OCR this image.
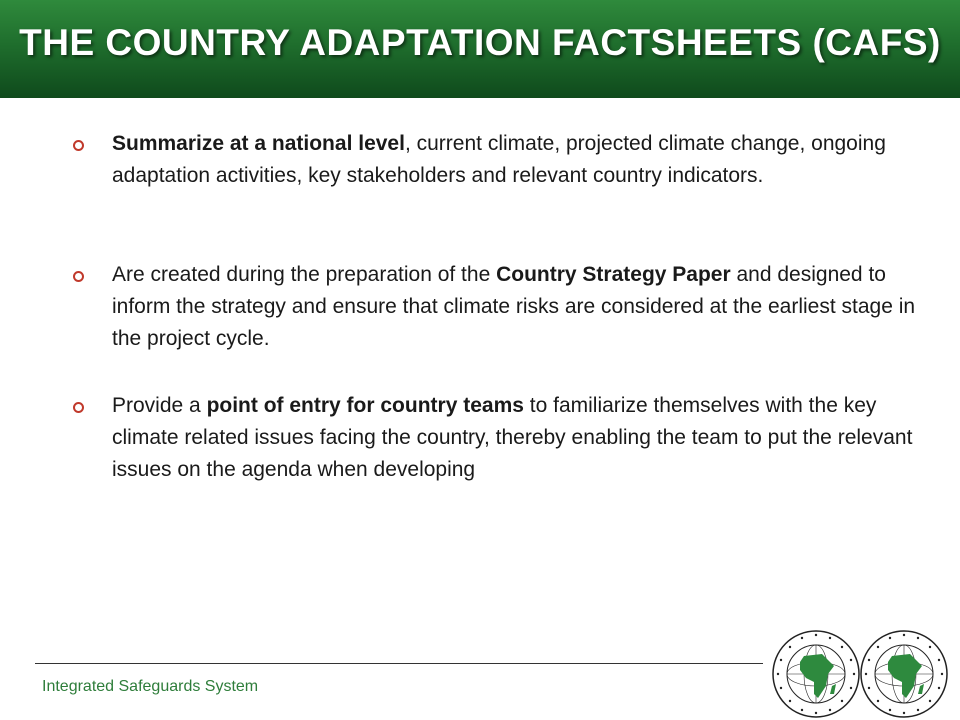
THE COUNTRY ADAPTATION FACTSHEETS (CAFS)
Summarize at a national level, current climate, projected climate change, ongoing adaptation activities, key stakeholders and relevant country indicators.
Are created during the preparation of the Country Strategy Paper and designed to inform the strategy and ensure that climate risks are considered at the earliest stage in the project cycle.
Provide a point of entry for country teams to familiarize themselves with the key climate related issues facing the country, thereby enabling the team to put the relevant issues on the agenda when developing
Integrated Safeguards System
